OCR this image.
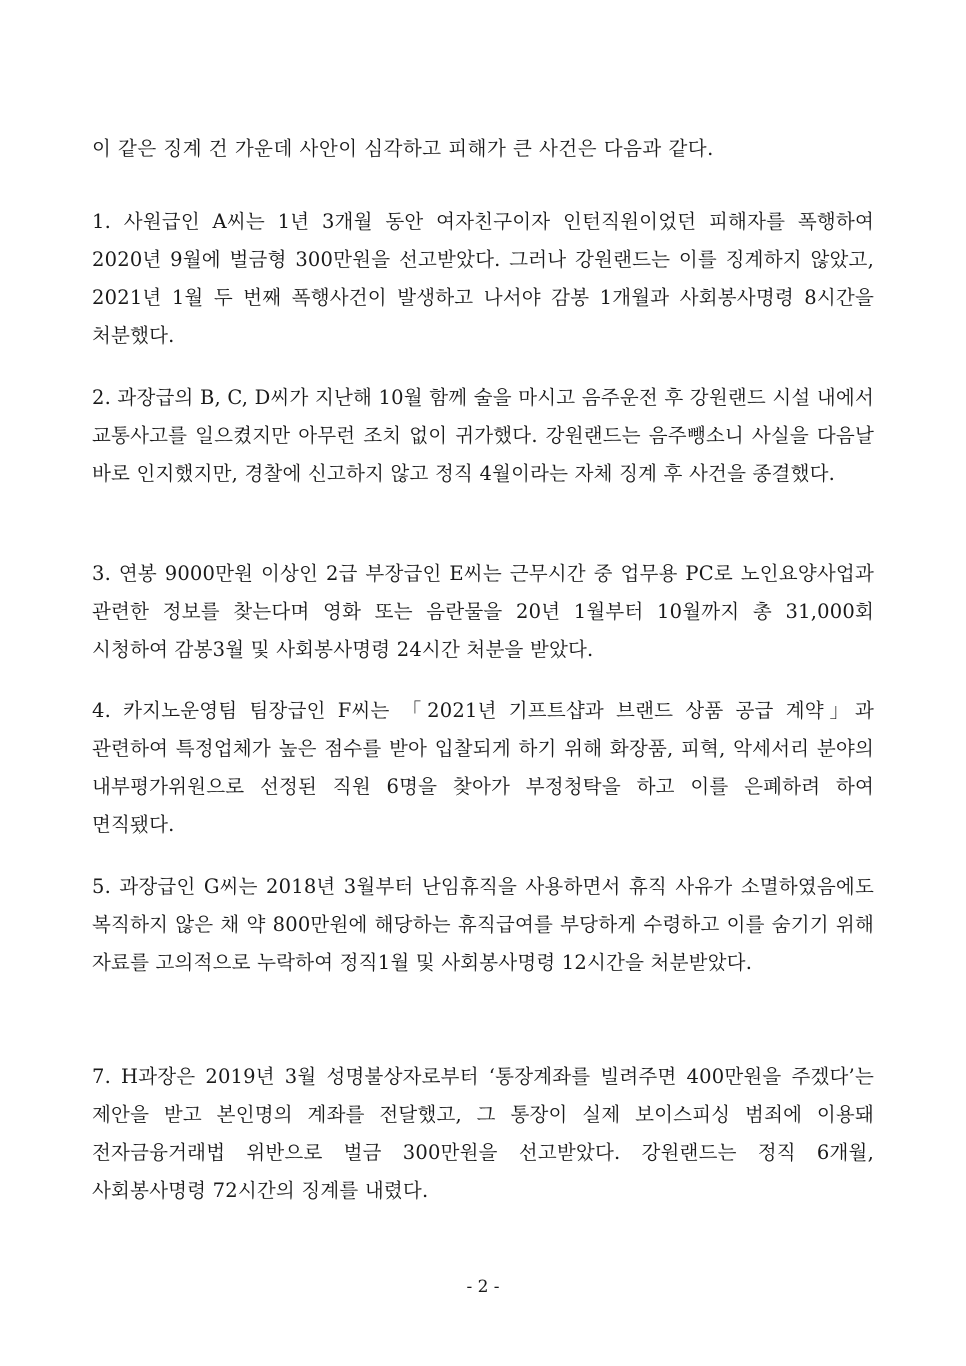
이 같은 징계 건 가운데 사안이 심각하고 피해가 큰 사건은 다음과 같다.

1. 사원급인 A씨는 1년 3개월 동안 여자친구이자 인턴직원이었던 피해자를 폭행하여 2020년 9월에 벌금형 300만원을 선고받았다. 그러나 강원랜드는 이를 징계하지 않았고, 2021년 1월 두 번째 폭행사건이 발생하고 나서야 감봉 1개월과 사회봉사명령 8시간을 처분했다.

2. 과장급의 B, C, D씨가 지난해 10월 함께 술을 마시고 음주운전 후 강원랜드 시설 내에서 교통사고를 일으켰지만 아무런 조치 없이 귀가했다. 강원랜드는 음주뺑소니 사실을 다음날 바로 인지했지만, 경찰에 신고하지 않고 정직 4월이라는 자체 징계 후 사건을 종결했다.

3. 연봉 9000만원 이상인 2급 부장급인 E씨는 근무시간 중 업무용 PC로 노인요양사업과 관련한 정보를 찾는다며 영화 또는 음란물을 20년 1월부터 10월까지 총 31,000회 시청하여 감봉3월 및 사회봉사명령 24시간 처분을 받았다.

4. 카지노운영팀 팀장급인 F씨는 「2021년 기프트샵과 브랜드 상품 공급 계약」과 관련하여 특정업체가 높은 점수를 받아 입찰되게 하기 위해 화장품, 피혁, 악세서리 분야의 내부평가위원으로 선정된 직원 6명을 찾아가 부정청탁을 하고 이를 은폐하려 하여 면직됐다.

5. 과장급인 G씨는 2018년 3월부터 난임휴직을 사용하면서 휴직 사유가 소멸하였음에도 복직하지 않은 채 약 800만원에 해당하는 휴직급여를 부당하게 수령하고 이를 숨기기 위해 자료를 고의적으로 누락하여 정직1월 및 사회봉사명령 12시간을 처분받았다.

7. H과장은 2019년 3월 성명불상자로부터 ‘통장계좌를 빌려주면 400만원을 주겠다’는 제안을 받고 본인명의 계좌를 전달했고, 그 통장이 실제 보이스피싱 범죄에 이용돼 전자금융거래법 위반으로 벌금 300만원을 선고받았다. 강원랜드는 정직 6개월, 사회봉사명령 72시간의 징계를 내렸다.

- 2 -
